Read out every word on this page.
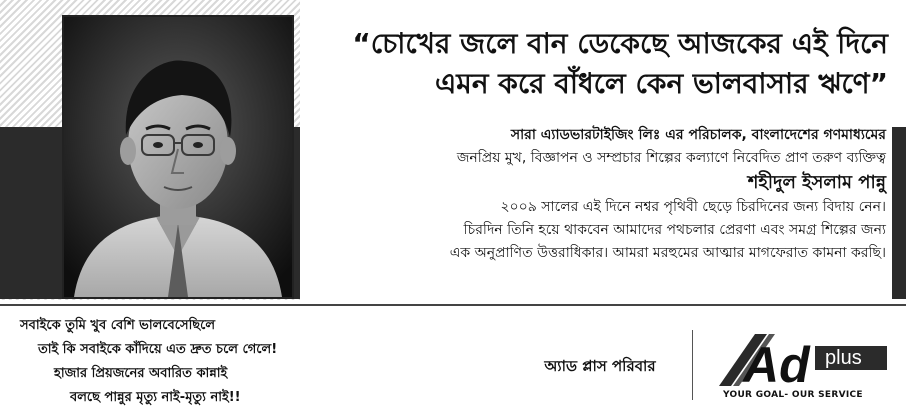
“চোখের জলে বান ডেকেছে আজকের এই দিনে
এমন করে বাঁধলে কেন ভালবাসার ঋণে”
সারা এ্যাডভারটাইজিং লিঃ এর পরিচালক, বাংলাদেশের গণমাধ্যমের
জনপ্রিয় মুখ, বিজ্ঞাপন ও সম্প্রচার শিল্পের কল্যাণে নিবেদিত প্রাণ তরুণ ব্যক্তিত্ব
শহীদুল ইসলাম পান্নু
২০০৯ সালের এই দিনে নশ্বর পৃথিবী ছেড়ে চিরদিনের জন্য বিদায় নেন।
চিরদিন তিনি হয়ে থাকবেন আমাদের পথচলার প্রেরণা এবং সমগ্র শিল্পের জন্য
এক অনুপ্রাণিত উত্তরাধিকার। আমরা মরহুমের আত্মার মাগফেরাত কামনা করছি।
সবাইকে তুমি খুব বেশি ভালবেসেছিলে
তাই কি সবাইকে কাঁদিয়ে এত দ্রুত চলে গেলে!
হাজার প্রিয়জনের অবারিত কান্নাই
বলছে পান্নুর মৃত্যু নাই-মৃত্যু নাই!!
অ্যাড প্লাস পরিবার	Ad plus
YOUR GOAL- OUR SERVICE
